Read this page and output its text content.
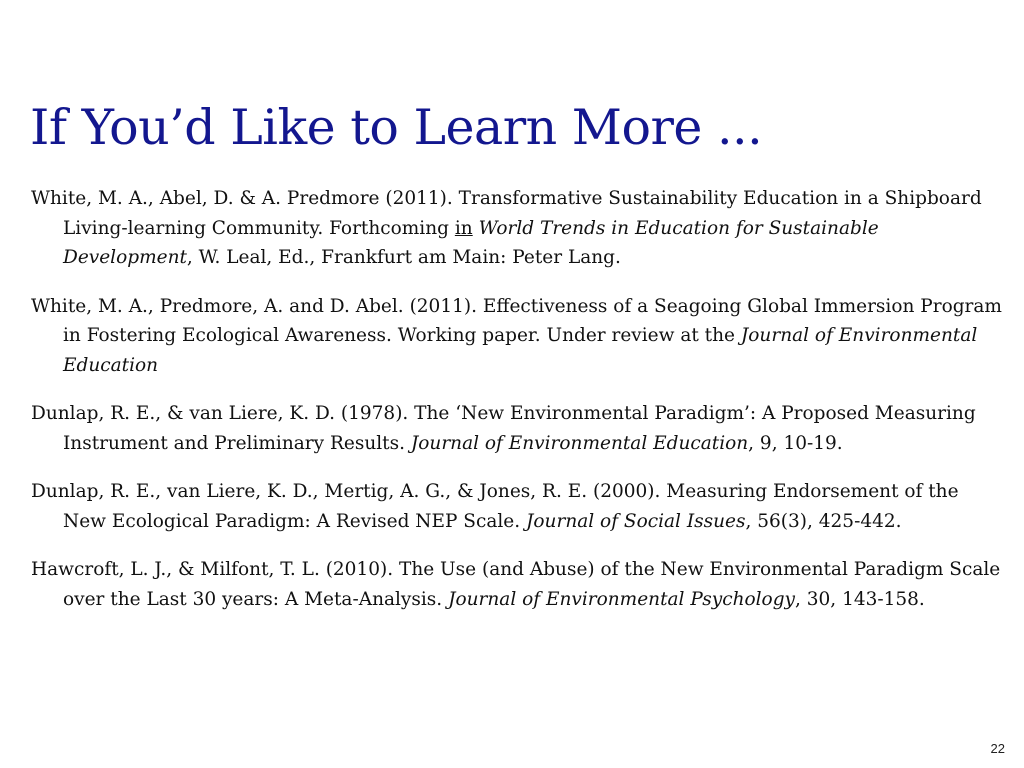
If You’d Like to Learn More ...

White, M. A., Abel, D. & A. Predmore (2011). Transformative Sustainability Education in a Shipboard Living-learning Community. Forthcoming in World Trends in Education for Sustainable Development, W. Leal, Ed., Frankfurt am Main: Peter Lang.

White, M. A., Predmore, A. and D. Abel. (2011). Effectiveness of a Seagoing Global Immersion Program in Fostering Ecological Awareness. Working paper. Under review at the Journal of Environmental Education

Dunlap, R. E., & van Liere, K. D. (1978). The ‘New Environmental Paradigm’: A Proposed Measuring Instrument and Preliminary Results. Journal of Environmental Education, 9, 10-19.

Dunlap, R. E., van Liere, K. D., Mertig, A. G., & Jones, R. E. (2000). Measuring Endorsement of the New Ecological Paradigm: A Revised NEP Scale. Journal of Social Issues, 56(3), 425-442.

Hawcroft, L. J., & Milfont, T. L. (2010). The Use (and Abuse) of the New Environmental Paradigm Scale over the Last 30 years: A Meta-Analysis. Journal of Environmental Psychology, 30, 143-158.

22
